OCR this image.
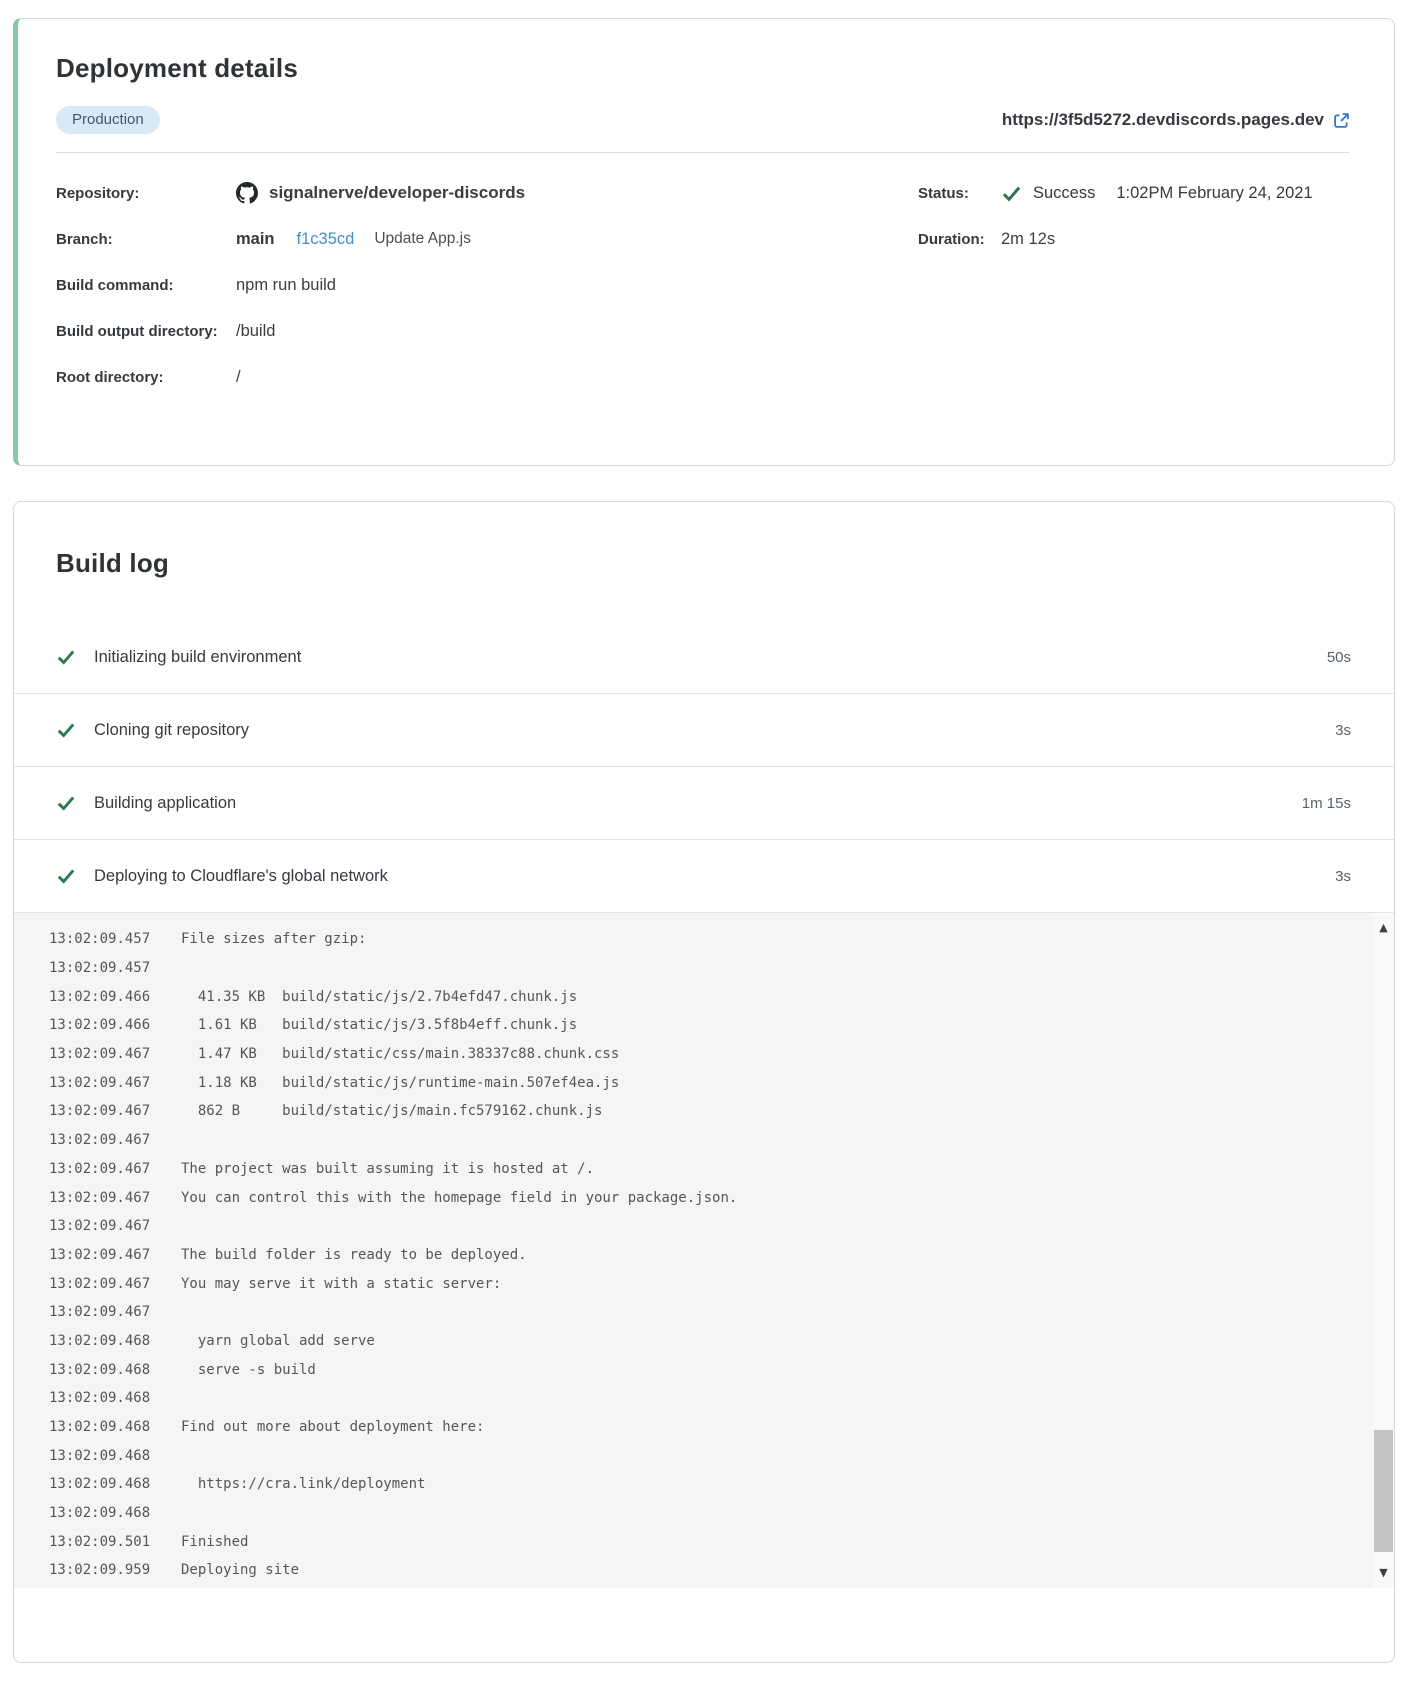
Deployment details
Production	https://3f5d5272.devdiscords.pages.dev
Repository:	signalnerve/developer-discords
Branch:	main f1c35cd Update App.js
Build command:	npm run build
Build output directory:	/build
Root directory:	/
Status:	Success 1:02PM February 24, 2021
Duration: 2m 12s
Build log
Initializing build environment	50s
Cloning git repository	3s
Building application	1m 15s
Deploying to Cloudflare's global network	3s
13:02:09.457	File sizes after gzip:
13:02:09.457
13:02:09.466	41.35 KB  build/static/js/2.7b4efd47.chunk.js
13:02:09.466	1.61 KB   build/static/js/3.5f8b4eff.chunk.js
13:02:09.467	1.47 KB   build/static/css/main.38337c88.chunk.css
13:02:09.467	1.18 KB   build/static/js/runtime-main.507ef4ea.js
13:02:09.467	862 B     build/static/js/main.fc579162.chunk.js
13:02:09.467
13:02:09.467	The project was built assuming it is hosted at /.
13:02:09.467	You can control this with the homepage field in your package.json.
13:02:09.467
13:02:09.467	The build folder is ready to be deployed.
13:02:09.467	You may serve it with a static server:
13:02:09.467
13:02:09.468	yarn global add serve
13:02:09.468	serve -s build
13:02:09.468
13:02:09.468	Find out more about deployment here:
13:02:09.468
13:02:09.468	https://cra.link/deployment
13:02:09.468
13:02:09.501	Finished
13:02:09.959	Deploying site
▲
▼
